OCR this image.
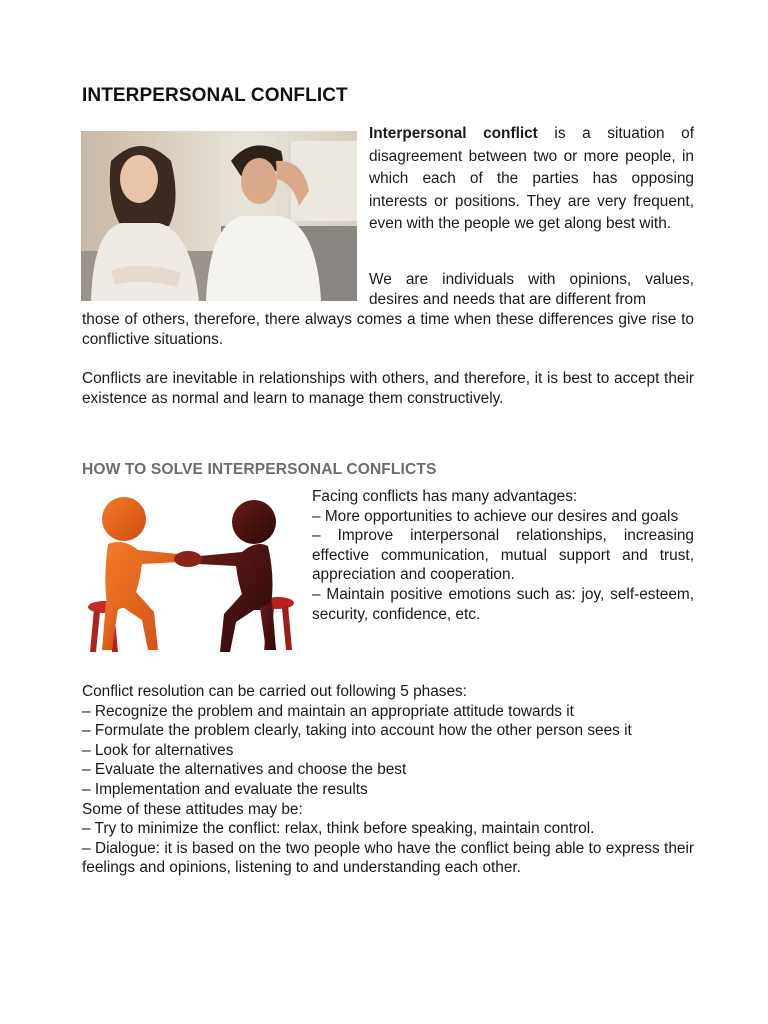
INTERPERSONAL CONFLICT

Interpersonal conflict is a situation of disagreement between two or more people, in which each of the parties has opposing interests or positions. They are very frequent, even with the people we get along best with.

We are individuals with opinions, values, desires and needs that are different from

those of others, therefore, there always comes a time when these differences give rise to conflictive situations.

Conflicts are inevitable in relationships with others, and therefore, it is best to accept their existence as normal and learn to manage them constructively.

HOW TO SOLVE INTERPERSONAL CONFLICTS
Facing conflicts has many advantages:
– More opportunities to achieve our desires and goals
– Improve interpersonal relationships, increasing effective communication, mutual support and trust, appreciation and cooperation.
– Maintain positive emotions such as: joy, self-esteem, security, confidence, etc.
Conflict resolution can be carried out following 5 phases:
– Recognize the problem and maintain an appropriate attitude towards it
– Formulate the problem clearly, taking into account how the other person sees it
– Look for alternatives
– Evaluate the alternatives and choose the best
– Implementation and evaluate the results
Some of these attitudes may be:
– Try to minimize the conflict: relax, think before speaking, maintain control.
– Dialogue: it is based on the two people who have the conflict being able to express their feelings and opinions, listening to and understanding each other.
